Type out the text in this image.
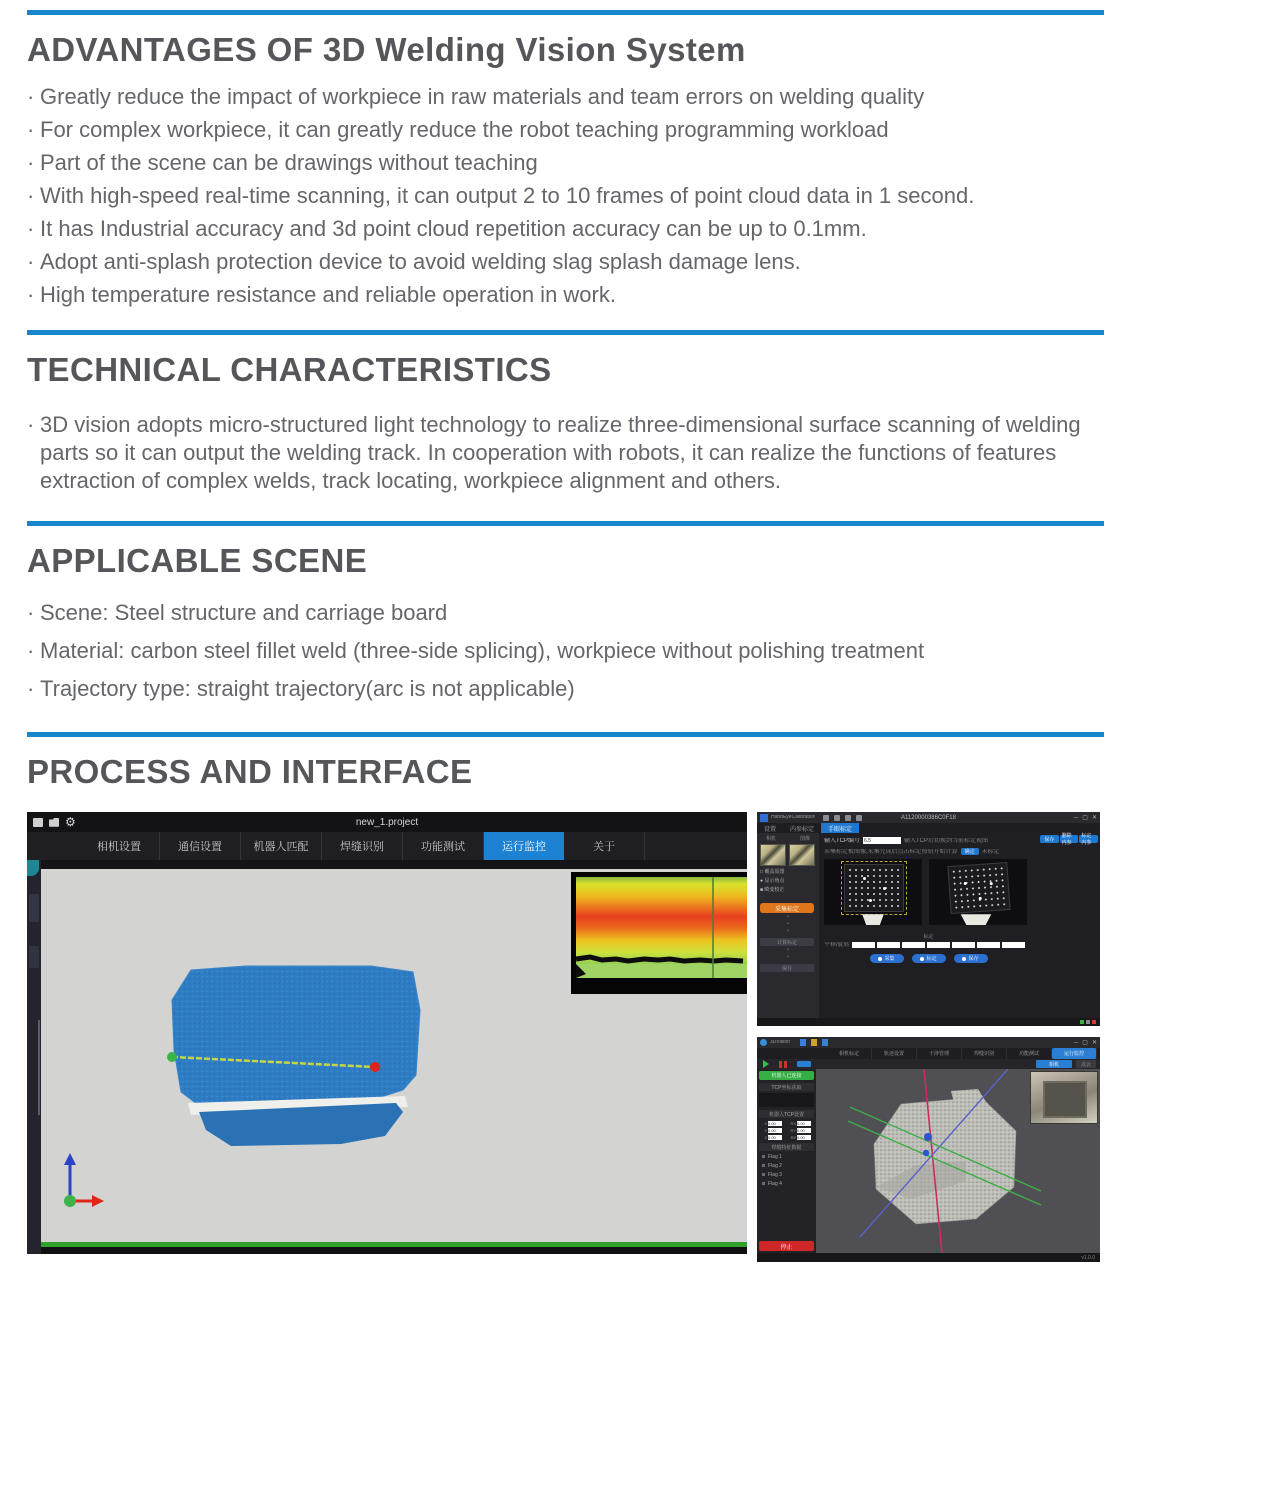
ADVANTAGES OF 3D Welding Vision System
· Greatly reduce the impact of workpiece in raw materials and team errors on welding quality
· For complex workpiece, it can greatly reduce the robot teaching programming workload
· Part of the scene can be drawings without teaching
· With high-speed real-time scanning, it can output 2 to 10 frames of point cloud data in 1 second.
· It has Industrial accuracy and 3d point cloud repetition accuracy can be up to 0.1mm.
· Adopt anti-splash protection device to avoid welding slag splash damage lens.
· High temperature resistance and reliable operation in work.
TECHNICAL CHARACTERISTICS
· 3D vision adopts micro-structured light technology to realize three-dimensional surface scanning of welding parts so it can output the welding track. In cooperation with robots, it can realize the functions of features extraction of complex welds, track locating, workpiece alignment and others.
APPLICABLE SCENE
· Scene: Steel structure and carriage board
· Material: carbon steel fillet weld (three-side splicing), workpiece without polishing treatment
· Trajectory type: straight trajectory(arc is not applicable)
PROCESS AND INTERFACE
⚙	new_1.project
相机设置	通信设置	机器人匹配	焊缝识别	功能测试	运行监控	关于
HandEyeCalibration	A1120000386C0F18	─ ▢ ✕
设置	内参标定	手眼标定
相机	图像
□ 覆盖原图
● 显示角点
■ 畸变校正
采集标定
⌄
⌄
⌄
计算标定
⌄
⌄
保存
输入TCP编号
6.5	输入TCP后切换到当前标定视图
采集标定板图像,采集完成后点击标定按钮开始计算	确定	未标定
标定
平移/旋转
采集	标定	保存
保存
删除内参
标定内参
3DVision	─ ▢ ✕
相机标定	轨迹设置	干涉管理	焊缝识别	功能测试	运行监控
相机	点云
机器人已连接
TCP坐标获取
机器人TCP设置
X 0.00	RX 0.00
Y 0.00	RY 0.00
Z 0.00	RZ 0.00
焊缝特征数据
Flag 1
Flag 2
Flag 3
Flag 4
停止
v1.0.0
